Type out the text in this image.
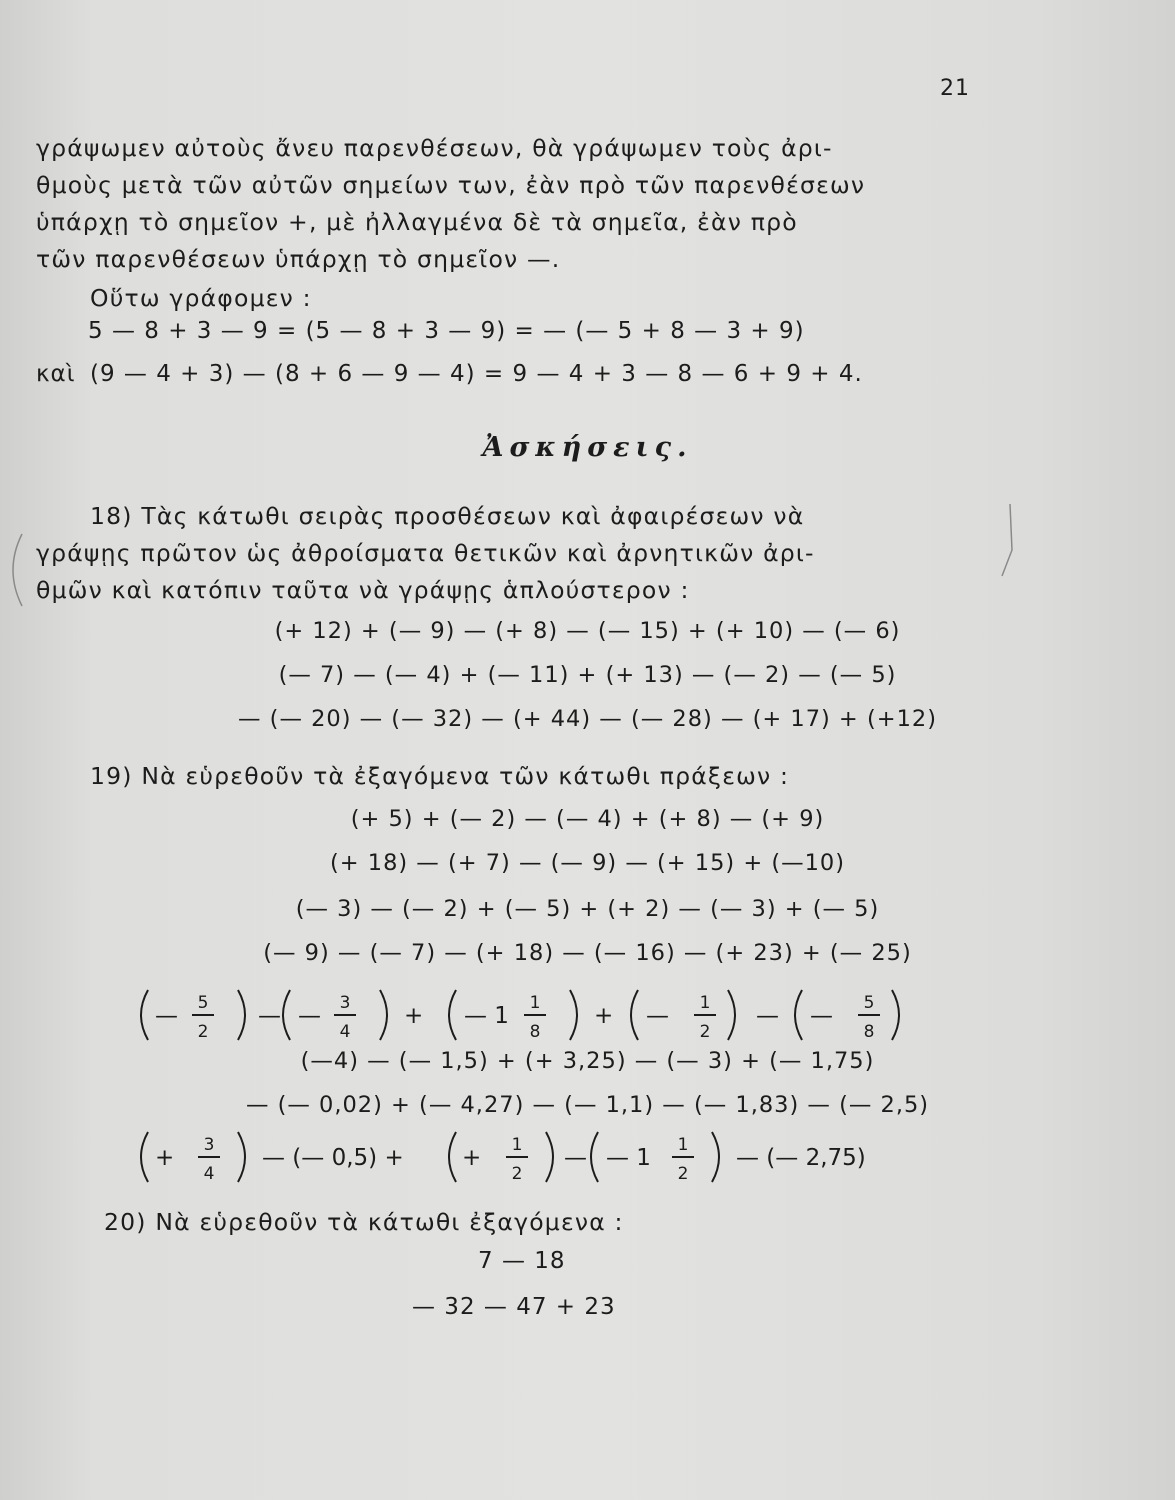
21
γράψωμεν αὐτοὺς ἄνευ παρενθέσεων, θὰ γράψωμεν τοὺς ἀρι-
θμοὺς μετὰ τῶν αὐτῶν σημείων των, ἐὰν πρὸ τῶν παρενθέσεων
ὑπάρχῃ τὸ σημεῖον +, μὲ ἠλλαγμένα δὲ τὰ σημεῖα, ἐὰν πρὸ
τῶν παρενθέσεων ὑπάρχῃ τὸ σημεῖον —.
Οὕτω γράφομεν :
5 — 8 + 3 — 9 = (5 — 8 + 3 — 9) = — (— 5 + 8 — 3 + 9)
καὶ (9 — 4 + 3) — (8 + 6 — 9 — 4) = 9 — 4 + 3 — 8 — 6 + 9 + 4.
Ἀσκήσεις.
18) Τὰς κάτωθι σειρὰς προσθέσεων καὶ ἀφαιρέσεων νὰ
γράψῃς πρῶτον ὡς ἀθροίσματα θετικῶν καὶ ἀρνητικῶν ἀρι-
θμῶν καὶ κατόπιν ταῦτα νὰ γράψῃς ἁπλούστερον :
(+ 12) + (— 9) — (+ 8) — (— 15) + (+ 10) — (— 6)
(— 7) — (— 4) + (— 11) + (+ 13) — (— 2) — (— 5)
— (— 20) — (— 32) — (+ 44) — (— 28) — (+ 17) + (+12)
19) Νὰ εὑρεθοῦν τὰ ἐξαγόμενα τῶν κάτωθι πράξεων :
(+ 5) + (— 2) — (— 4) + (+ 8) — (+ 9)
(+ 18) — (+ 7) — (— 9) — (+ 15) + (—10)
(— 3) — (— 2) + (— 5) + (+ 2) — (— 3) + (— 5)
(— 9) — (— 7) — (+ 18) — (— 16) — (+ 23) + (— 25)
— 5
2
— — 3
4
+ — 1 1
8
+ — 1
2
— — 5
8
(—4) — (— 1,5) + (+ 3,25) — (— 3) + (— 1,75)
— (— 0,02) + (— 4,27) — (— 1,1) — (— 1,83) — (— 2,5)
+ 3
4
— (— 0,5) +	+ 1
2
— — 1 1
2
— (— 2,75)
20) Νὰ εὑρεθοῦν τὰ κάτωθι ἐξαγόμενα :
7 — 18
— 32 — 47 + 23
